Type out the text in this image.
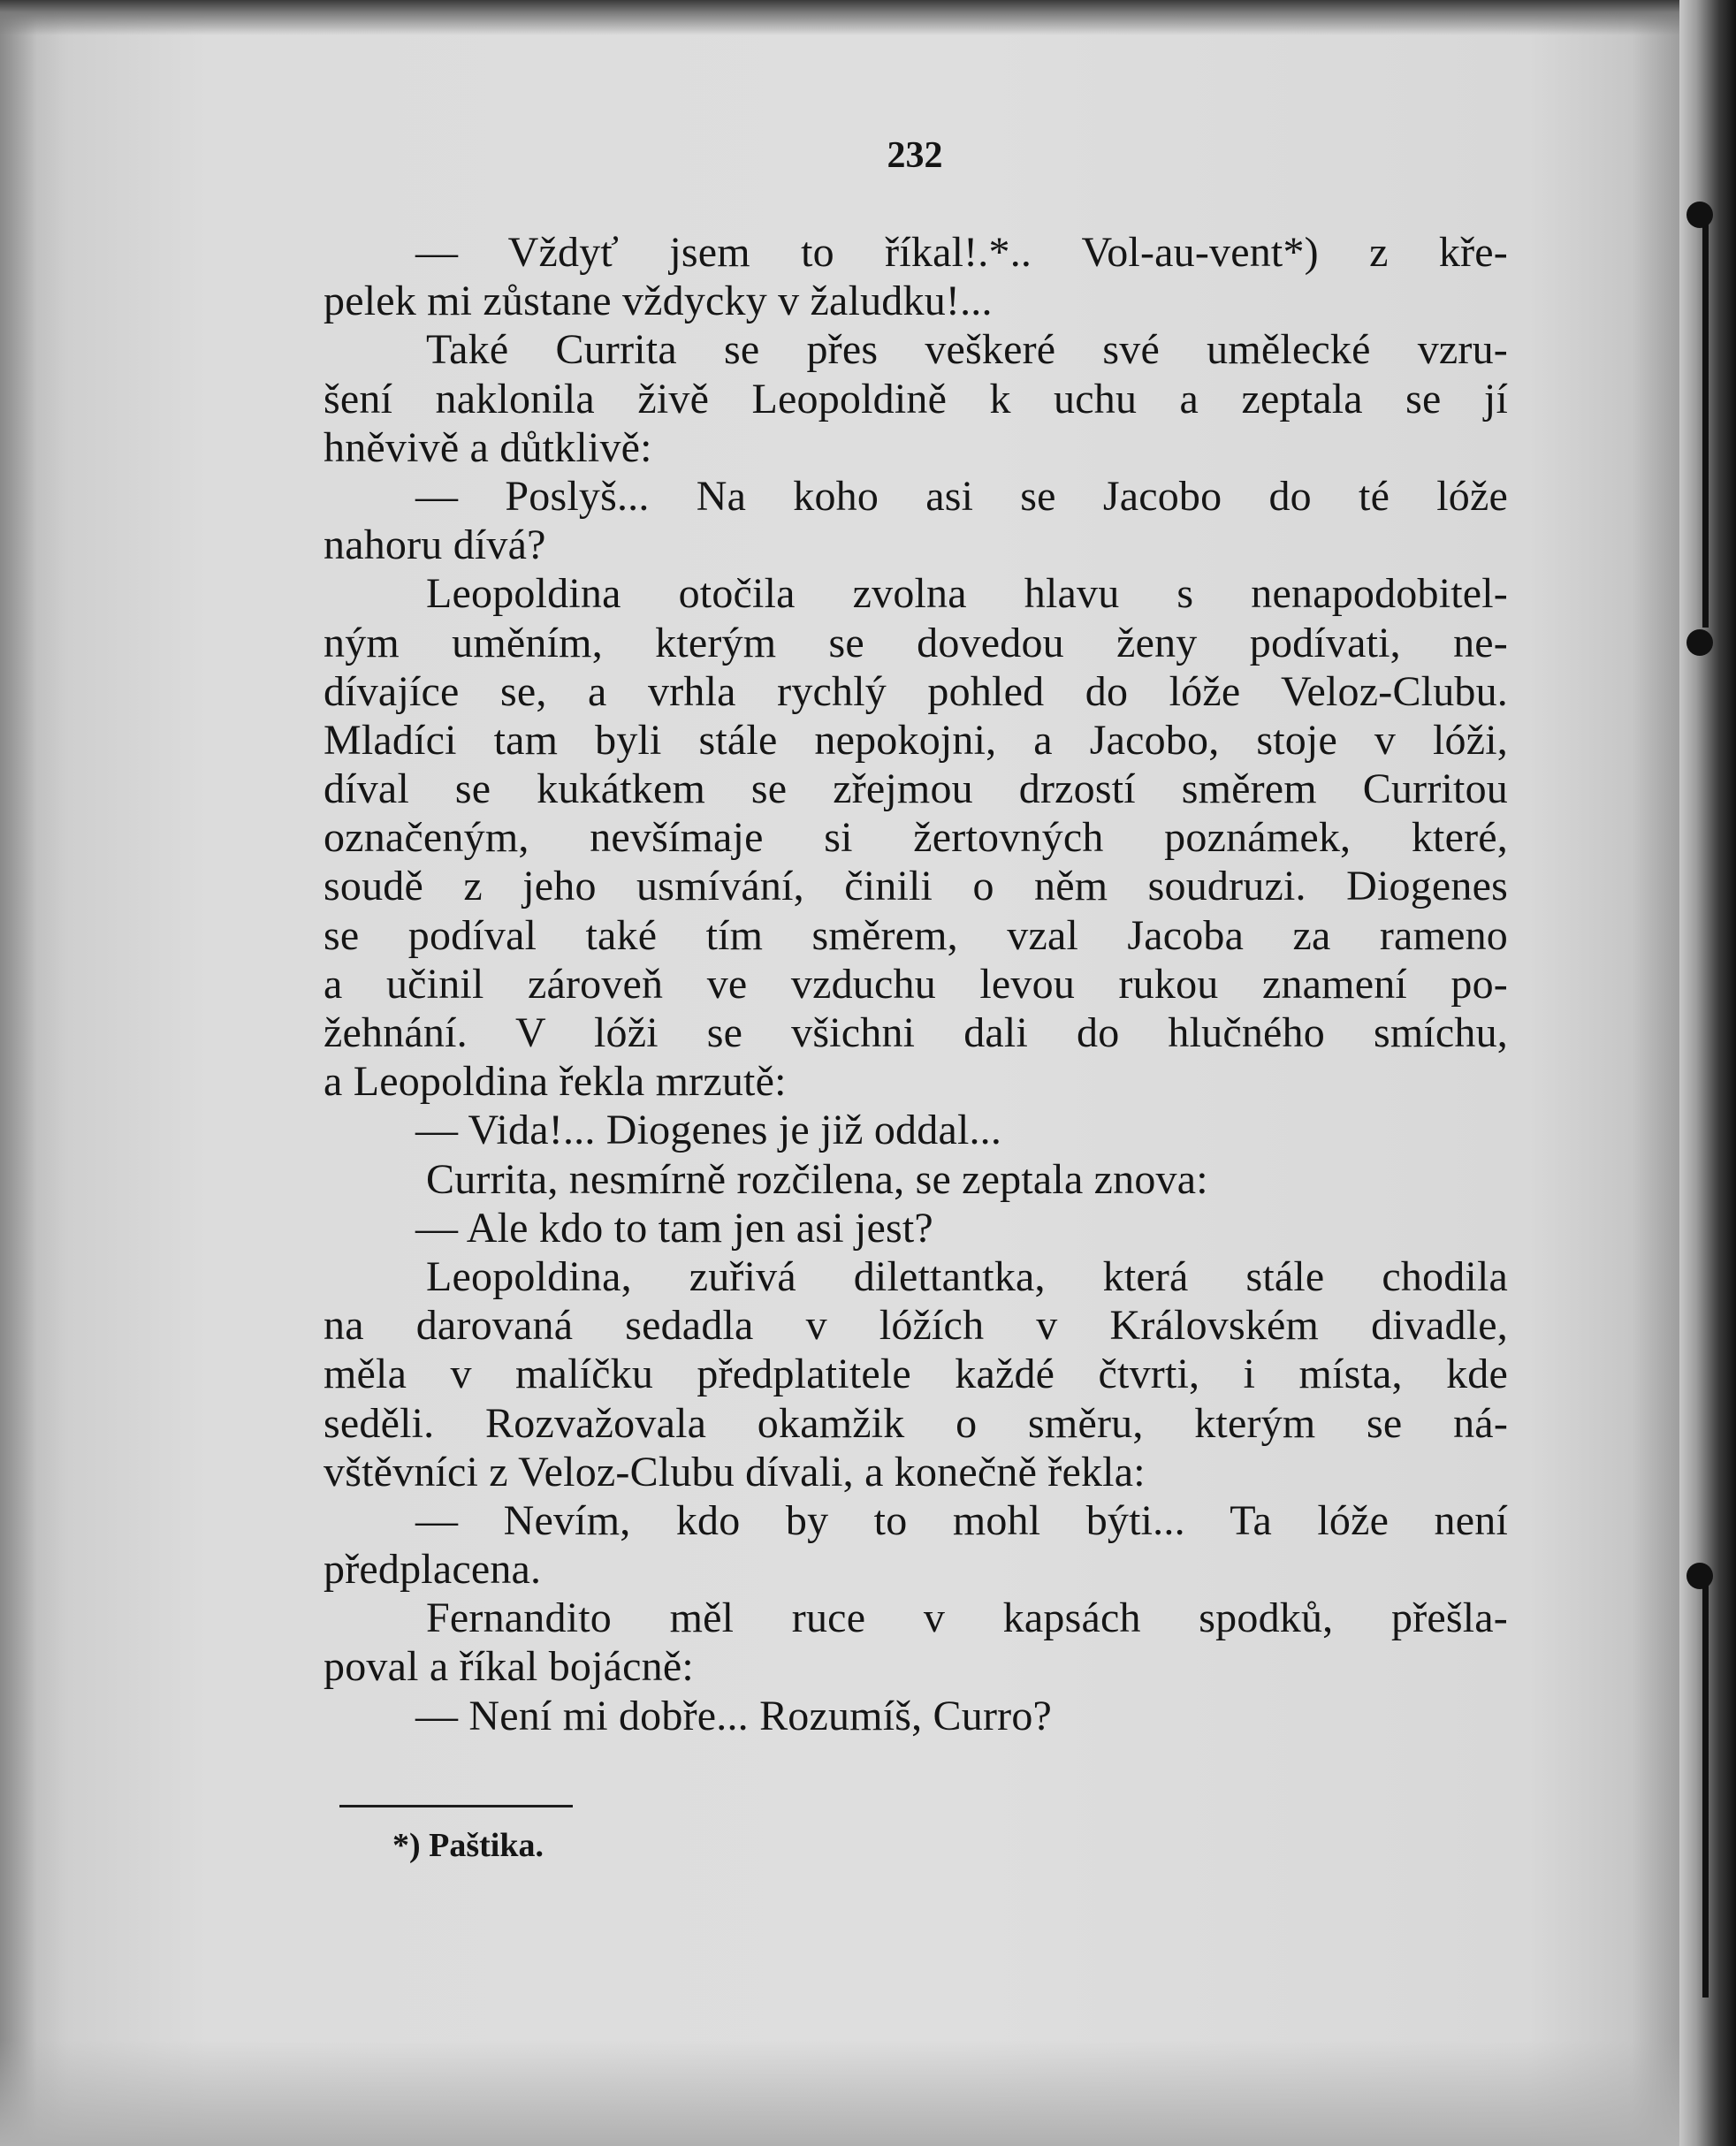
232
— Vždyť jsem to říkal!.*.. Vol-au-vent*) z kře-
pelek mi zůstane vždycky v žaludku!...
Také Currita se přes veškeré své umělecké vzru-
šení naklonila živě Leopoldině k uchu a zeptala se jí
hněvivě a důtklivě:
— Poslyš... Na koho asi se Jacobo do té lóže
nahoru dívá?
Leopoldina otočila zvolna hlavu s nenapodobitel-
ným uměním, kterým se dovedou ženy podívati, ne-
dívajíce se, a vrhla rychlý pohled do lóže Veloz-Clubu.
Mladíci tam byli stále nepokojni, a Jacobo, stoje v lóži,
díval se kukátkem se zřejmou drzostí směrem Curritou
označeným, nevšímaje si žertovných poznámek, které,
soudě z jeho usmívání, činili o něm soudruzi. Diogenes
se podíval také tím směrem, vzal Jacoba za rameno
a učinil zároveň ve vzduchu levou rukou znamení po-
žehnání. V lóži se všichni dali do hlučného smíchu,
a Leopoldina řekla mrzutě:
— Vida!... Diogenes je již oddal...
Currita, nesmírně rozčilena, se zeptala znova:
— Ale kdo to tam jen asi jest?
Leopoldina, zuřivá dilettantka, která stále chodila
na darovaná sedadla v lóžích v Královském divadle,
měla v malíčku předplatitele každé čtvrti, i místa, kde
seděli. Rozvažovala okamžik o směru, kterým se ná-
vštěvníci z Veloz-Clubu dívali, a konečně řekla:
— Nevím, kdo by to mohl býti... Ta lóže není
předplacena.
Fernandito měl ruce v kapsách spodků, přešla-
poval a říkal bojácně:
— Není mi dobře... Rozumíš, Curro?
*) Paštika.
